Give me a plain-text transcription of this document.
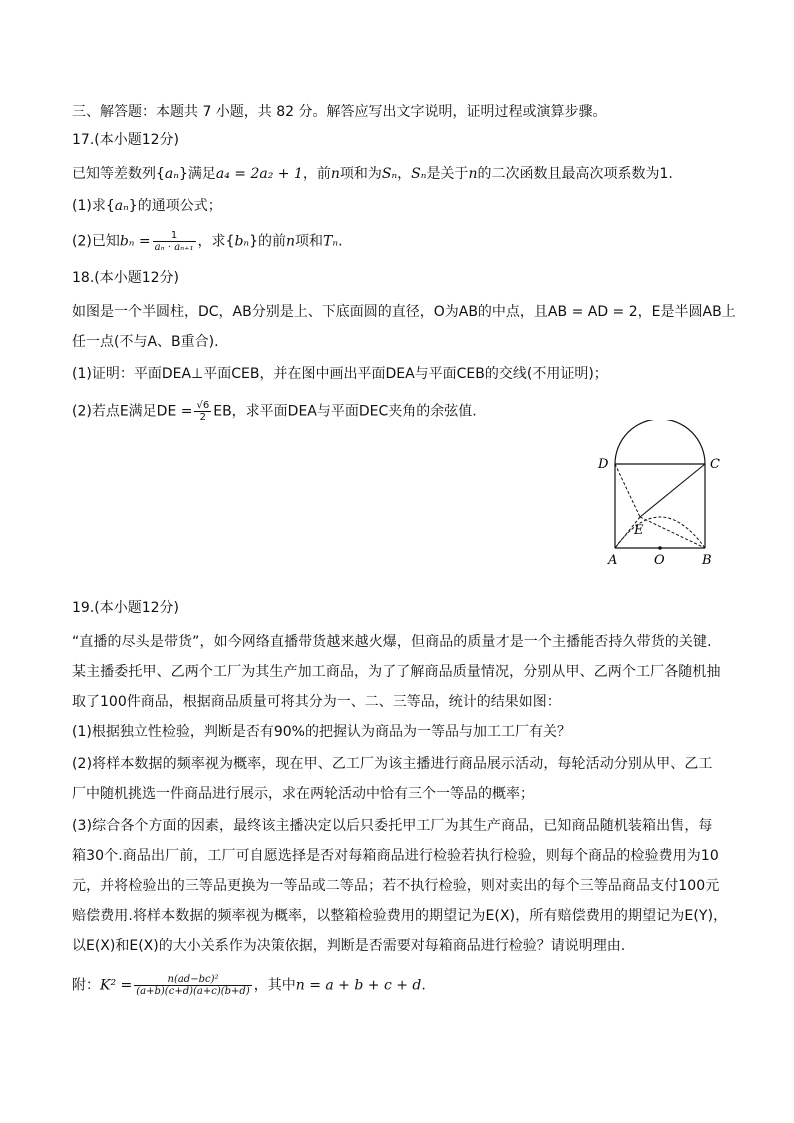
三、解答题：本题共 7 小题，共 82 分。解答应写出文字说明，证明过程或演算步骤。
17.(本小题12分)
已知等差数列{aₙ}满足a₄ = 2a₂ + 1，前n项和为Sₙ，Sₙ是关于n的二次函数且最高次项系数为1.
(1)求{aₙ}的通项公式；
(2)已知$b_n = \frac{1}{\text{aₙ · aₙ₊₁}}$ ，求{bₙ}的前n项和Tₙ.
18.(本小题12分)
如图是一个半圆柱，DC，AB分别是上、下底面圆的直径，O为AB的中点，且AB = AD = 2，E是半圆AB上
任一点(不与A、B重合).
(1)证明：平面DEA⊥平面CEB，并在图中画出平面DEA与平面CEB的交线(不用证明)；
(2)若点E满足DE = $\frac{√6}{2}$ EB，求平面DEA与平面DEC夹角的余弦值.
D	C
E
A	O	B
19.(本小题12分)
“直播的尽头是带货”，如今网络直播带货越来越火爆，但商品的质量才是一个主播能否持久带货的关键.
某主播委托甲、乙两个工厂为其生产加工商品，为了了解商品质量情况，分别从甲、乙两个工厂各随机抽
取了100件商品，根据商品质量可将其分为一、二、三等品，统计的结果如图：
(1)根据独立性检验，判断是否有90%的把握认为商品为一等品与加工工厂有关？
(2)将样本数据的频率视为概率，现在甲、乙工厂为该主播进行商品展示活动，每轮活动分别从甲、乙工
厂中随机挑选一件商品进行展示，求在两轮活动中恰有三个一等品的概率；
(3)综合各个方面的因素，最终该主播决定以后只委托甲工厂为其生产商品，已知商品随机装箱出售，每
箱30个.商品出厂前，工厂可自愿选择是否对每箱商品进行检验若执行检验，则每个商品的检验费用为10
元，并将检验出的三等品更换为一等品或二等品；若不执行检验，则对卖出的每个三等品商品支付100元
赔偿费用.将样本数据的频率视为概率，以整箱检验费用的期望记为E(X)，所有赔偿费用的期望记为E(Y)，
以E(X)和E(X)的大小关系作为决策依据，判断是否需要对每箱商品进行检验？请说明理由.
附：$K^2 = \frac{\text{n(ad−bc)²}}{(a+b)(c+d)(a+c)(b+d)}$ ，其中n = a + b + c + d.
